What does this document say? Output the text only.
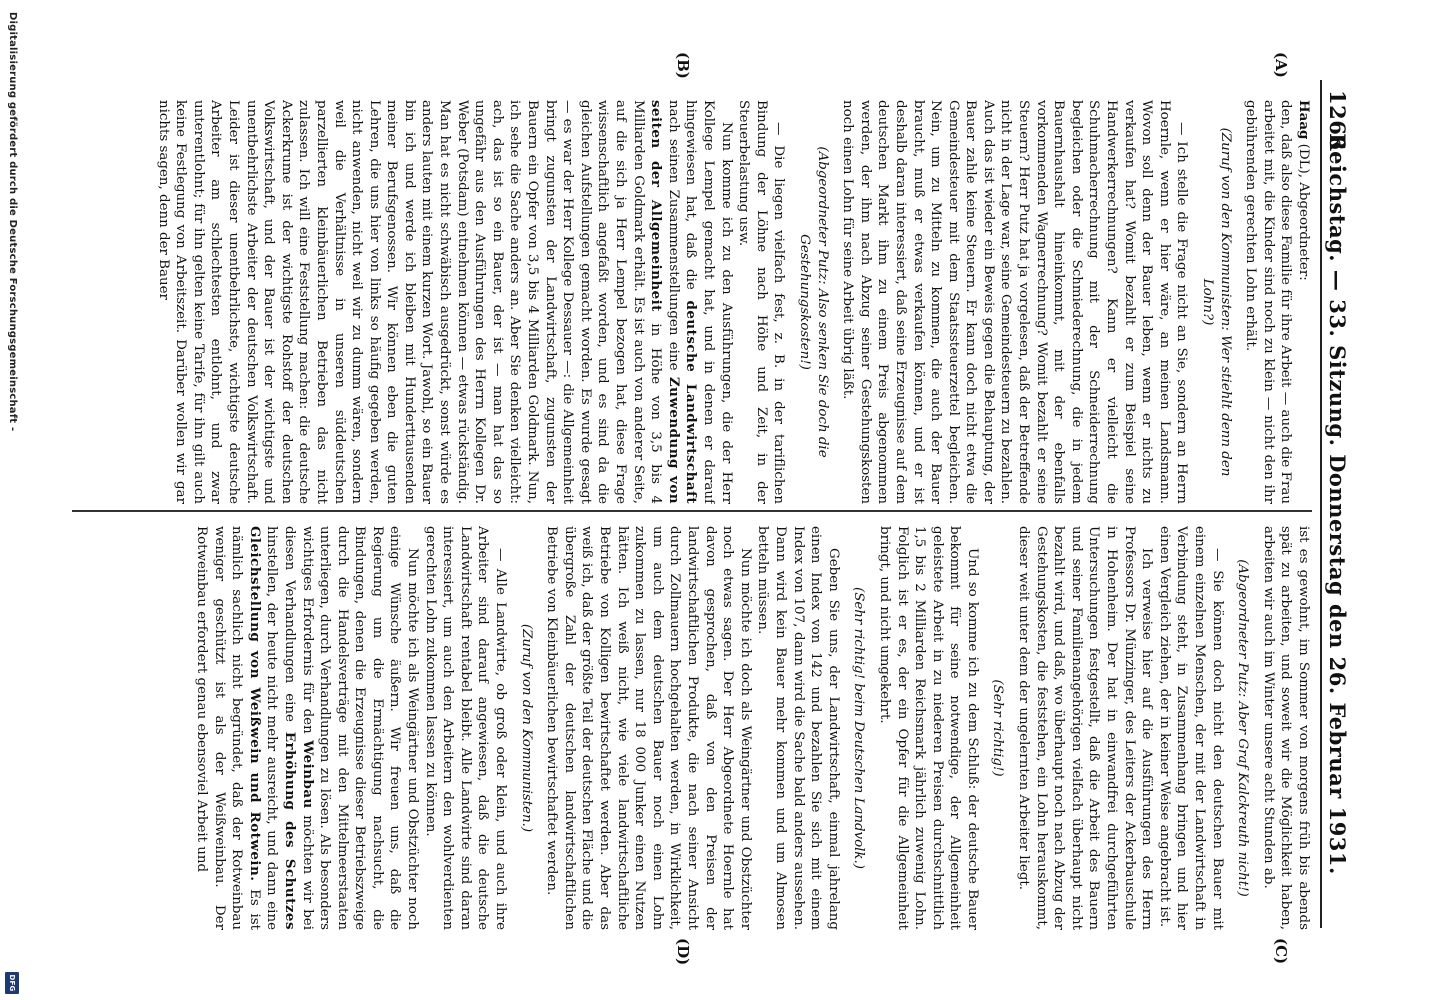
1266
Reichstag. — 33. Sitzung. Donnerstag den 26. Februar 1931.
(A)
(B)
(C)
(D)

Haag (DL), Abgeordneter:

den, daß also diese Familie für ihre Arbeit — auch die Frau arbeitet mit, die Kinder sind noch zu klein — nicht den ihr gebührenden gerechten Lohn erhält.

(Zuruf von den Kommunisten: Wer stiehlt denn den Lohn?)

— Ich stelle die Frage nicht an Sie, sondern an Herrn Hoernle, wenn er hier wäre, an meinen Landsmann. Wovon soll denn der Bauer leben, wenn er nichts zu verkaufen hat? Womit bezahlt er zum Beispiel seine Handwerkerrechnungen? Kann er vielleicht die Schuhmacherrechnung mit der Schneiderrechnung begleichen oder die Schmiederechnung, die in jedem Bauernhaushalt hineinkommt, mit der ebenfalls vorkommenden Wagnerrechnung? Womit bezahlt er seine Steuern? Herr Putz hat ja vorgelesen, daß der Betreffende nicht in der Lage war, seine Gemeindesteuern zu bezahlen. Auch das ist wieder ein Beweis gegen die Behauptung, der Bauer zahle keine Steuern. Er kann doch nicht etwa die Gemeindesteuer mit dem Staatssteuerzettel begleichen. Nein, um zu Mitteln zu kommen, die auch der Bauer braucht, muß er etwas verkaufen können, und er ist deshalb daran interessiert, daß seine Erzeugnisse auf dem deutschen Markt ihm zu einem Preis abgenommen werden, der ihm nach Abzug seiner Gestehungskosten noch einen Lohn für seine Arbeit übrig läßt.

(Abgeordneter Putz: Also senken Sie doch die Gestehungskosten!)

— Die liegen vielfach fest, z. B. in der tariflichen Bindung der Löhne nach Höhe und Zeit, in der Steuerbelastung usw.

Nun komme ich zu den Ausführungen, die der Herr Kollege Lempel gemacht hat, und in denen er darauf hingewiesen hat, daß die deutsche Landwirtschaft nach seinen Zusammenstellungen eine Zuwendung von seiten der Allgemeinheit in Höhe von 3,5 bis 4 Milliarden Goldmark erhält. Es ist auch von anderer Seite, auf die sich ja Herr Lempel bezogen hat, diese Frage wissenschaftlich angefaßt worden, und es sind da die gleichen Aufstellungen gemacht worden. Es wurde gesagt — es war der Herr Kollege Dessauer —: die Allgemeinheit bringt zugunsten der Landwirtschaft, zugunsten der Bauern ein Opfer von 3,5 bis 4 Milliarden Goldmark. Nun, ich sehe die Sache anders an. Aber Sie denken vielleicht: ach, das ist so ein Bauer, der ist — man hat das so ungefähr aus den Ausführungen des Herrn Kollegen Dr. Weber (Potsdam) entnehmen können — etwas rückständig. Man hat es nicht schwäbisch ausgedrückt, sonst würde es anders lauten mit einem kurzen Wort. Jawohl, so ein Bauer bin ich und werde ich bleiben mit Hunderttausenden meiner Berufsgenossen. Wir können eben die guten Lehren, die uns hier von links so häufig gegeben werden, nicht anwenden, nicht weil wir zu dumm wären, sondern weil die Verhältnisse in unseren süddeutschen parzellierten kleinbäuerlichen Betrieben das nicht zulassen. Ich will eine Feststellung machen: die deutsche Ackerkrume ist der wichtigste Rohstoff der deutschen Volkswirtschaft, und der Bauer ist der wichtigste und unentbehrlichste Arbeiter der deutschen Volkswirtschaft. Leider ist dieser unentbehrlichste, wichtigste deutsche Arbeiter am schlechtesten entlohnt, und zwar unterentlohnt; für ihn gelten keine Tarife, für ihn gilt auch keine Festlegung von Arbeitszeit. Darüber wollen wir gar nichts sagen, denn der Bauer

ist es gewohnt, im Sommer von morgens früh bis abends spät zu arbeiten, und soweit wir die Möglichkeit haben, arbeiten wir auch im Winter unsere acht Stunden ab.

(Abgeordneter Putz: Aber Graf Kalckreuth nicht!)

— Sie können doch nicht den deutschen Bauer mit einem einzelnen Menschen, der mit der Landwirtschaft in Verbindung steht, in Zusammenhang bringen und hier einen Vergleich ziehen, der in keiner Weise angebracht ist.

Ich verweise hier auf die Ausführungen des Herrn Professors Dr. Münzinger, des Leiters der Ackerbauschule in Hohenheim. Der hat in einwandfrei durchgeführten Untersuchungen festgestellt, daß die Arbeit des Bauern und seiner Familienangehörigen vielfach überhaupt nicht bezahlt wird, und daß, wo überhaupt noch nach Abzug der Gestehungskosten, die feststehen, ein Lohn herauskommt, dieser weit unter dem der ungelernten Arbeiter liegt.

(Sehr richtig!)

Und so komme ich zu dem Schluß: der deutsche Bauer bekommt für seine notwendige, der Allgemeinheit geleistete Arbeit in zu niederen Preisen durchschnittlich 1,5 bis 2 Milliarden Reichsmark jährlich zuwenig Lohn. Folglich ist er es, der ein Opfer für die Allgemeinheit bringt, und nicht umgekehrt.

(Sehr richtig! beim Deutschen Landvolk.)

Geben Sie uns, der Landwirtschaft, einmal jahrelang einen Index von 142 und bezahlen Sie sich mit einem Index von 107, dann wird die Sache bald anders aussehen. Dann wird kein Bauer mehr kommen und um Almosen betteln müssen.

Nun möchte ich doch als Weingärtner und Obstzüchter noch etwas sagen. Der Herr Abgeordnete Hoernle hat davon gesprochen, daß von den Preisen der landwirtschaftlichen Produkte, die nach seiner Ansicht durch Zollmauern hochgehalten werden, in Wirklichkeit, um auch dem deutschen Bauer noch einen Lohn zukommen zu lassen, nur 18 000 Junker einen Nutzen hätten. Ich weiß nicht, wie viele landwirtschaftliche Betriebe von Kolligen bewirtschaftet werden. Aber das weiß ich, daß der größte Teil der deutschen Fläche und die übergroße Zahl der deutschen landwirtschaftlichen Betriebe von Kleinbäuerlichen bewirtschaftet werden.

(Zuruf von den Kommunisten.)

— Alle Landwirte, ob groß oder klein, und auch ihre Arbeiter sind darauf angewiesen, daß die deutsche Landwirtschaft rentabel bleibt. Alle Landwirte sind daran interessiert, um auch den Arbeitern den wohlverdienten gerechten Lohn zukommen lassen zu können.

Nun möchte ich als Weingärtner und Obstzüchter noch einige Wünsche äußern. Wir freuen uns, daß die Regierung um die Ermächtigung nachsucht, die Bindungen, denen die Erzeugnisse dieser Betriebszweige durch die Handelsverträge mit den Mittelmeerstaaten unterliegen, durch Verhandlungen zu lösen. Als besonders wichtiges Erfordernis für den Weinbau möchten wir bei diesen Verhandlungen eine Erhöhung des Schutzes hinstellen, der heute nicht mehr ausreicht, und dann eine Gleichstellung von Weißwein und Rotwein. Es ist nämlich sachlich nicht begründet, daß der Rotweinbau weniger geschützt ist als der Weißweinbau. Der Rotweinbau erfordert genau ebensoviel Arbeit und

Digitalisierung gefördert durch die Deutsche Forschungsgemeinschaft -
DFG
